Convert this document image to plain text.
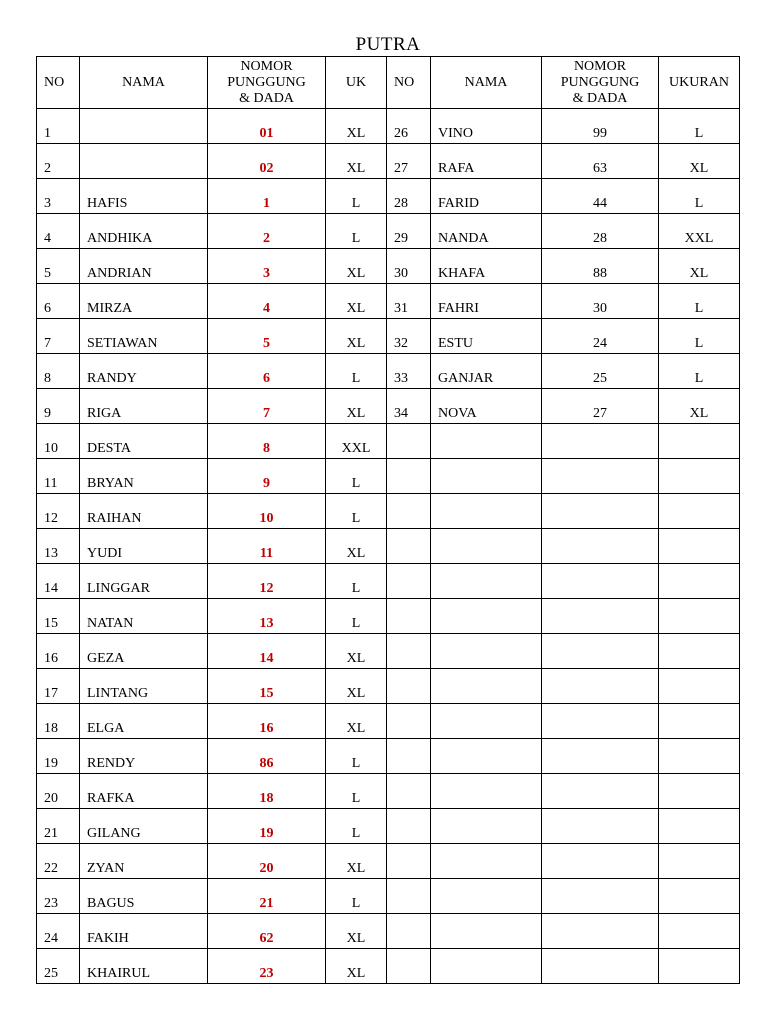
PUTRA
NO	NAMA	NOMOR
PUNGGUNG
& DADA	UK	NO	NAMA	NOMOR
PUNGGUNG
& DADA	UKURAN
1		01	XL	26	VINO	99	L
2		02	XL	27	RAFA	63	XL
3	HAFIS	1	L	28	FARID	44	L
4	ANDHIKA	2	L	29	NANDA	28	XXL
5	ANDRIAN	3	XL	30	KHAFA	88	XL
6	MIRZA	4	XL	31	FAHRI	30	L
7	SETIAWAN	5	XL	32	ESTU	24	L
8	RANDY	6	L	33	GANJAR	25	L
9	RIGA	7	XL	34	NOVA	27	XL
10	DESTA	8	XXL				
11	BRYAN	9	L				
12	RAIHAN	10	L				
13	YUDI	11	XL				
14	LINGGAR	12	L				
15	NATAN	13	L				
16	GEZA	14	XL				
17	LINTANG	15	XL				
18	ELGA	16	XL				
19	RENDY	86	L				
20	RAFKA	18	L				
21	GILANG	19	L				
22	ZYAN	20	XL				
23	BAGUS	21	L				
24	FAKIH	62	XL				
25	KHAIRUL	23	XL				
